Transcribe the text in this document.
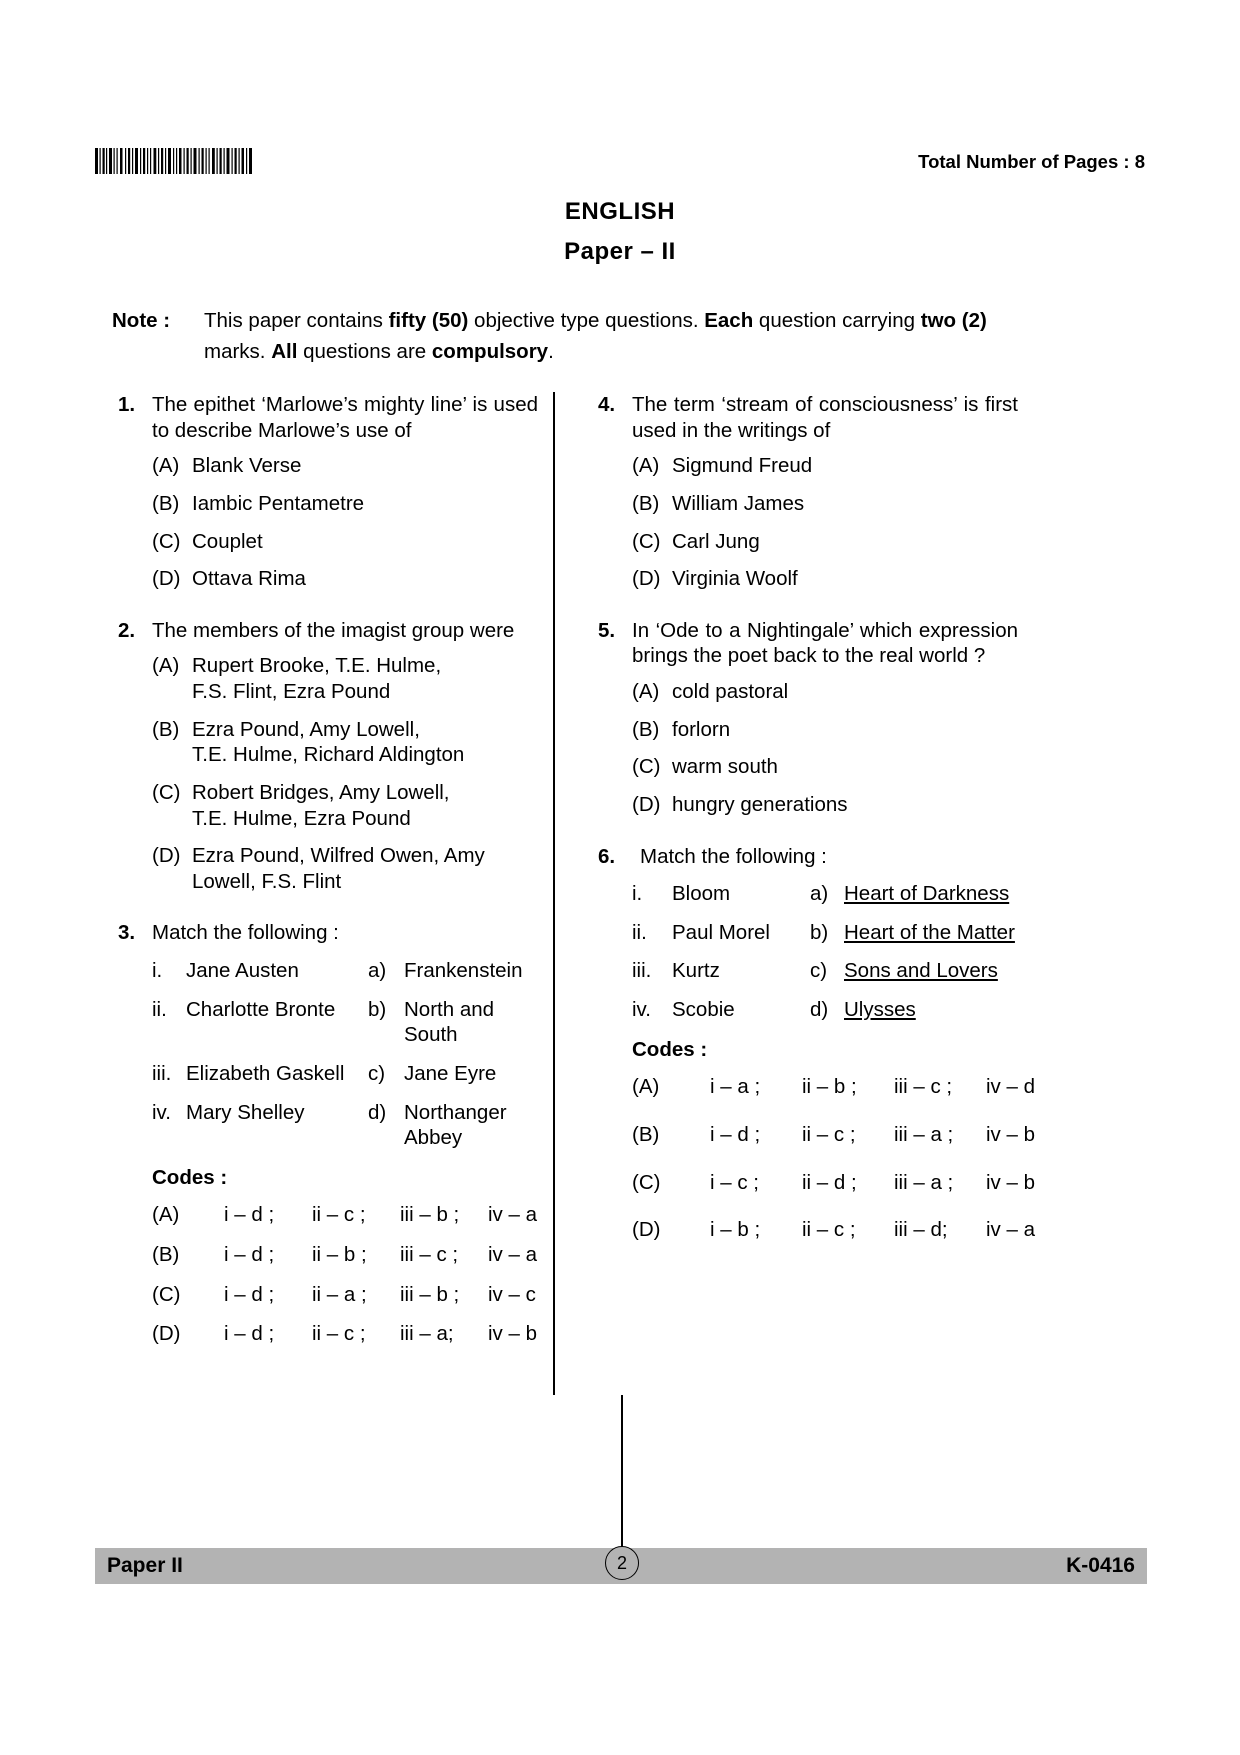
Total Number of Pages : 8
ENGLISH
Paper – II
Note : This paper contains fifty (50) objective type questions. Each question carrying two (2) marks. All questions are compulsory.
1. The epithet ‘Marlowe’s mighty line’ is used to describe Marlowe’s use of
(A) Blank Verse
(B) Iambic Pentametre
(C) Couplet
(D) Ottava Rima
2. The members of the imagist group were
(A) Rupert Brooke, T.E. Hulme,
F.S. Flint, Ezra Pound
(B) Ezra Pound, Amy Lowell,
T.E. Hulme, Richard Aldington
(C) Robert Bridges, Amy Lowell,
T.E. Hulme, Ezra Pound
(D) Ezra Pound, Wilfred Owen, Amy
Lowell, F.S. Flint
3. Match the following :
i.	Jane Austen	a) Frankenstein
ii. Charlotte Bronte	b) North and South
iii. Elizabeth Gaskell	c) Jane Eyre
iv. Mary Shelley	d) Northanger Abbey
Codes :
(A)	i – d ;	ii – c ;	iii – b ;	iv – a
(B)	i – d ;	ii – b ;	iii – c ;	iv – a
(C)	i – d ;	ii – a ;	iii – b ;	iv – c
(D)	i – d ;	ii – c ;	iii – a;	iv – b
4. The term ‘stream of consciousness’ is first used in the writings of
(A) Sigmund Freud
(B) William James
(C) Carl Jung
(D) Virginia Woolf
5. In ‘Ode to a Nightingale’ which expression brings the poet back to the real world ?
(A) cold pastoral
(B) forlorn
(C) warm south
(D) hungry generations
6.	Match the following :
i.	Bloom	a) Heart of Darkness
ii.	Paul Morel	b) Heart of the Matter
iii.	Kurtz	c) Sons and Lovers
iv.	Scobie	d) Ulysses
Codes :
(A)	i – a ;	ii – b ;	iii – c ;	iv – d
(B)	i – d ;	ii – c ;	iii – a ;	iv – b
(C)	i – c ;	ii – d ;	iii – a ;	iv – b
(D)	i – b ;	ii – c ;	iii – d;	iv – a
Paper II	K-0416
2
